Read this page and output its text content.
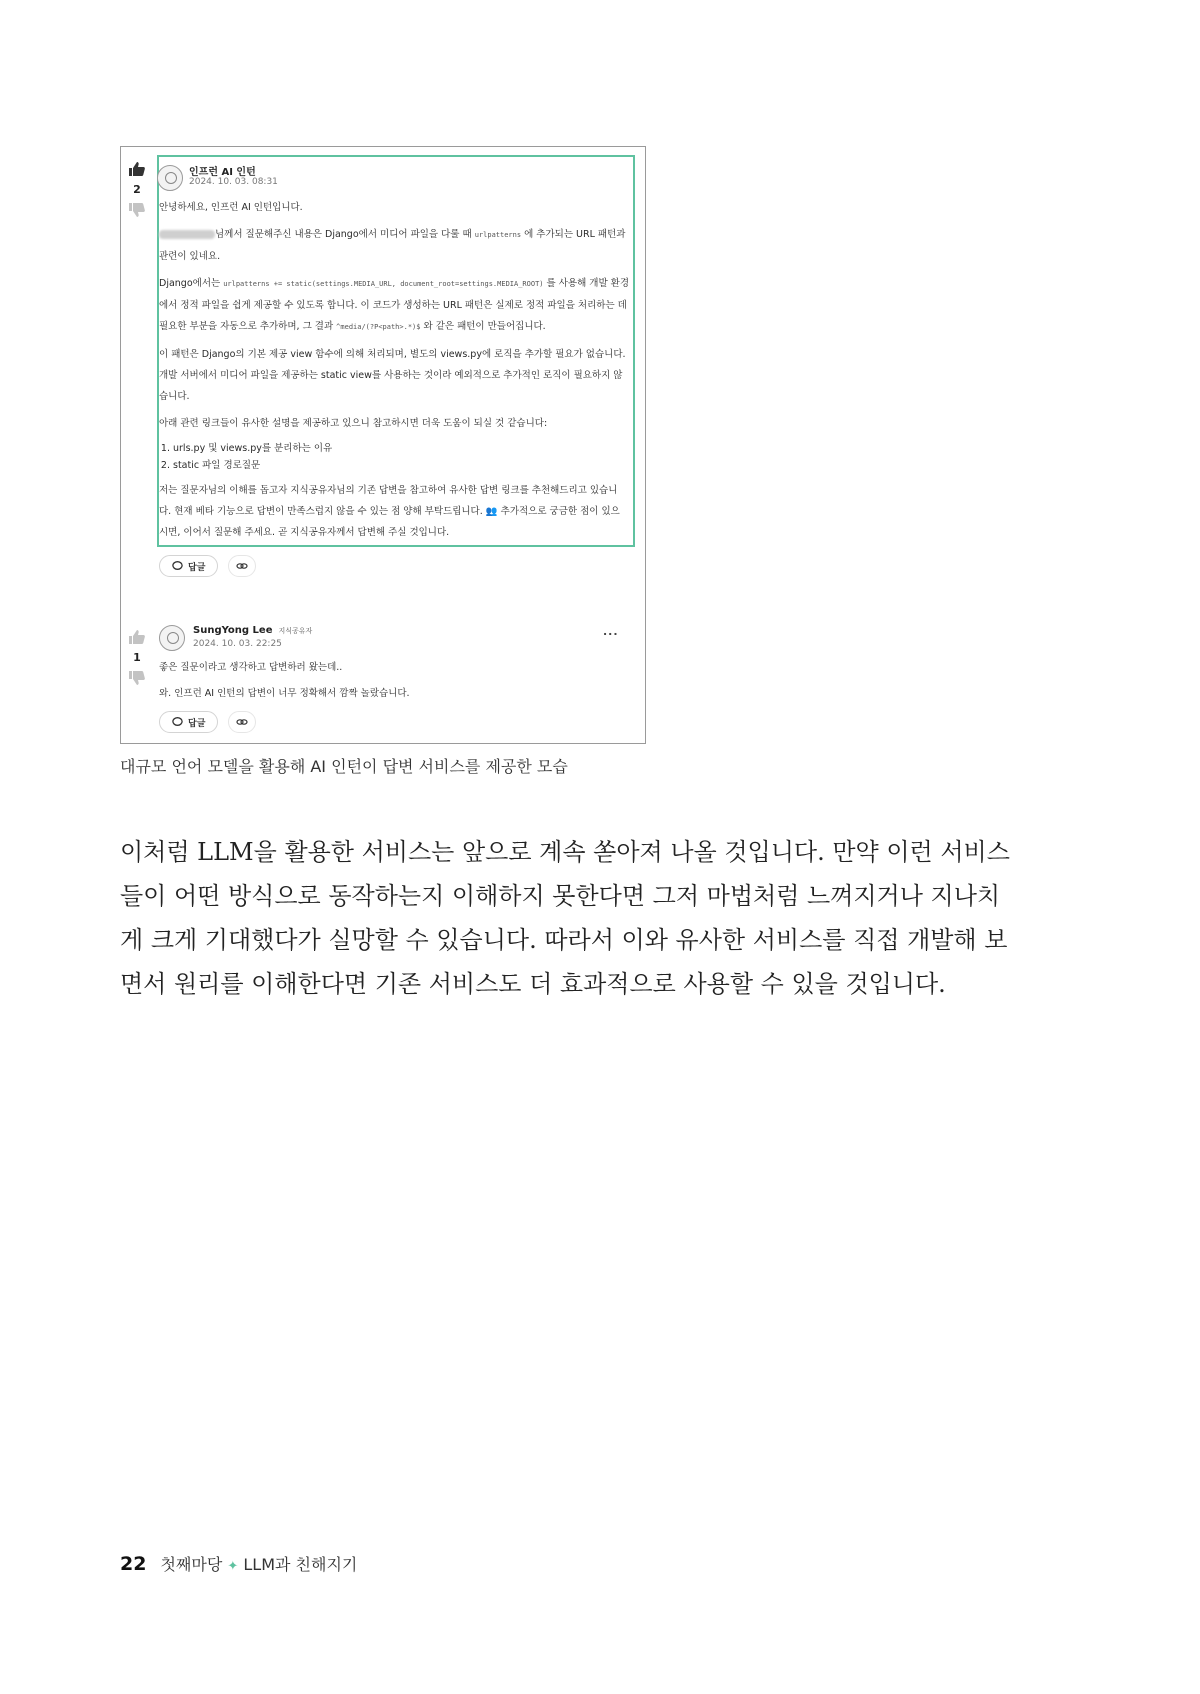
2
인프런 AI 인턴
2024. 10. 03. 08:31

안녕하세요, 인프런 AI 인턴입니다.

님께서 질문해주신 내용은 Django에서 미디어 파일을 다룰 때 urlpatterns 에 추가되는 URL 패턴과 관련이 있네요.

Django에서는 urlpatterns += static(settings.MEDIA_URL, document_root=settings.MEDIA_ROOT) 를 사용해 개발 환경에서 정적 파일을 쉽게 제공할 수 있도록 합니다. 이 코드가 생성하는 URL 패턴은 실제로 정적 파일을 처리하는 데 필요한 부분을 자동으로 추가하며, 그 결과 ^media/(?P<path>.*)$ 와 같은 패턴이 만들어집니다.

이 패턴은 Django의 기본 제공 view 함수에 의해 처리되며, 별도의 views.py에 로직을 추가할 필요가 없습니다. 개발 서버에서 미디어 파일을 제공하는 static view를 사용하는 것이라 예외적으로 추가적인 로직이 필요하지 않습니다.

아래 관련 링크들이 유사한 설명을 제공하고 있으니 참고하시면 더욱 도움이 되실 것 같습니다:

1. urls.py 및 views.py를 분리하는 이유
2. static 파일 경로질문

저는 질문자님의 이해를 돕고자 지식공유자님의 기존 답변을 참고하여 유사한 답변 링크를 추천해드리고 있습니다. 현재 베타 기능으로 답변이 만족스럽지 않을 수 있는 점 양해 부탁드립니다. 👥 추가적으로 궁금한 점이 있으시면, 이어서 질문해 주세요. 곧 지식공유자께서 답변해 주실 것입니다.

답글
1
SungYong Lee 지식공유자
2024. 10. 03. 22:25
...

좋은 질문이라고 생각하고 답변하러 왔는데..

와. 인프런 AI 인턴의 답변이 너무 정확해서 깜짝 놀랐습니다.

답글
대규모 언어 모델을 활용해 AI 인턴이 답변 서비스를 제공한 모습

이처럼 LLM을 활용한 서비스는 앞으로 계속 쏟아져 나올 것입니다. 만약 이런 서비스들이 어떤 방식으로 동작하는지 이해하지 못한다면 그저 마법처럼 느껴지거나 지나치게 크게 기대했다가 실망할 수 있습니다. 따라서 이와 유사한 서비스를 직접 개발해 보면서 원리를 이해한다면 기존 서비스도 더 효과적으로 사용할 수 있을 것입니다.

22 첫째마당 ✦ LLM과 친해지기
